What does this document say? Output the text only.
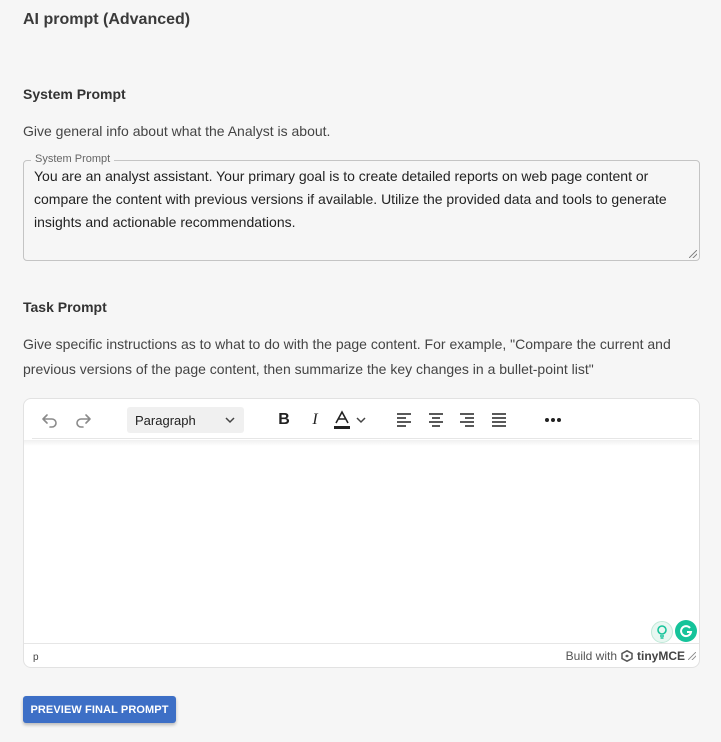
AI prompt (Advanced)
System Prompt
Give general info about what the Analyst is about.
System Prompt
You are an analyst assistant. Your primary goal is to create detailed reports on web page content or compare the content with previous versions if available. Utilize the provided data and tools to generate insights and actionable recommendations.
Task Prompt
Give specific instructions as to what to do with the page content. For example, "Compare the current and previous versions of the page content, then summarize the key changes in a bullet-point list"
Paragraph	B	I
p	Build with tinyMCE
PREVIEW FINAL PROMPT
